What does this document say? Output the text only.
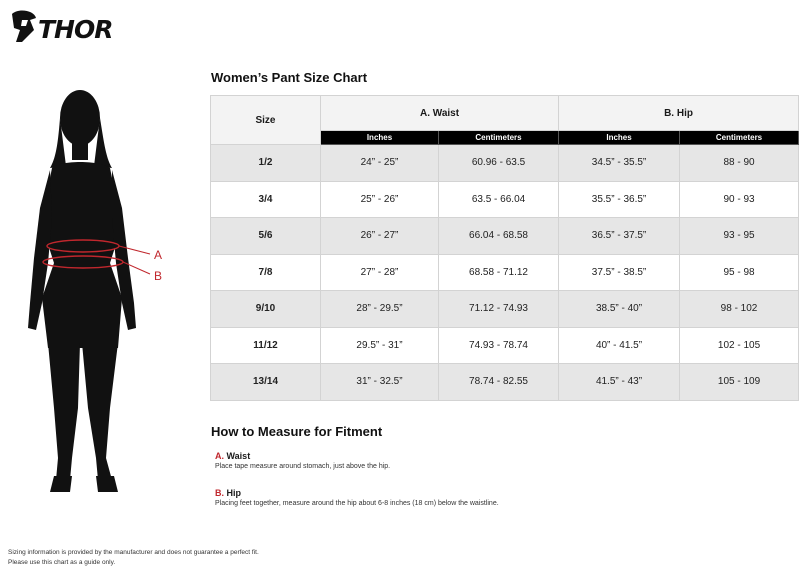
THOR
A
B
Women’s Pant Size Chart
Size	A. Waist		B. Hip	
	Inches	Centimeters	Inches	Centimeters
1/2	24” - 25”	60.96 - 63.5	34.5” - 35.5”	88 - 90
3/4	25” - 26”	63.5 - 66.04	35.5” - 36.5”	90 - 93
5/6	26” - 27”	66.04 - 68.58	36.5” - 37.5”	93 - 95
7/8	27” - 28”	68.58 - 71.12	37.5” - 38.5”	95 - 98
9/10	28” - 29.5”	71.12 - 74.93	38.5” - 40”	98 - 102
11/12	29.5” - 31”	74.93 - 78.74	40” - 41.5”	102 - 105
13/14	31” - 32.5”	78.74 - 82.55	41.5” - 43”	105 - 109
How to Measure for Fitment
A. Waist
Place tape measure around stomach, just above the hip.
B. Hip
Placing feet together, measure around the hip about 6-8 inches (18 cm) below the waistline.
Sizing information is provided by the manufacturer and does not guarantee a perfect fit.
Please use this chart as a guide only.
